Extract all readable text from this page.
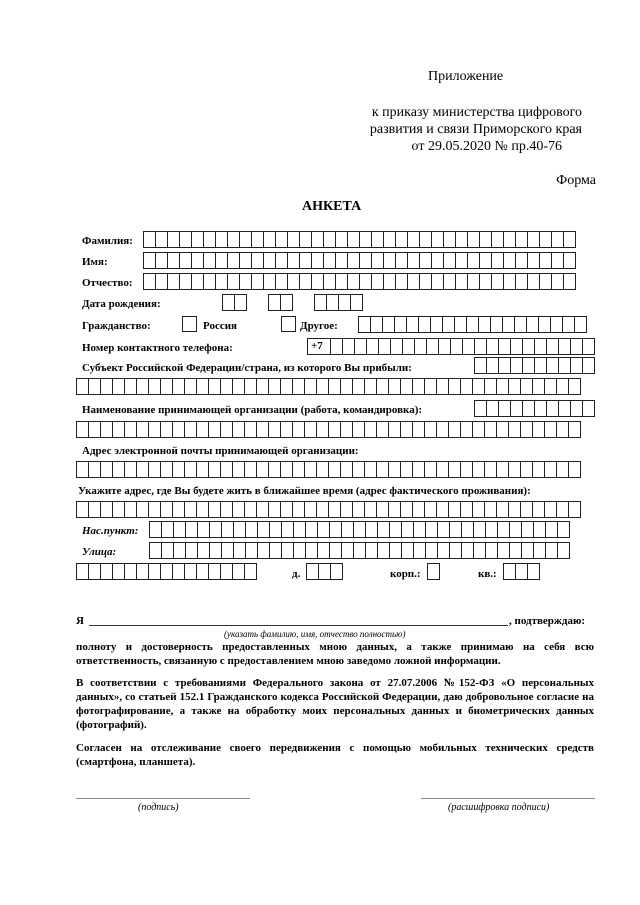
Приложение
к приказу министерства цифрового
развития и связи Приморского края
от 29.05.2020 № пр.40-76
Форма
АНКЕТА
Фамилия:
Имя:
Отчество:
Дата рождения:
Гражданство:	Россия	Другое:
Номер контактного телефона:	+7
Субъект Российской Федерации/страна, из которого Вы прибыли:
Наименование принимающей организации (работа, командировка):
Адрес электронной почты принимающей организации:
Укажите адрес, где Вы будете жить в ближайшее время (адрес фактического проживания):
Нас.пункт:
Улица:
д.	корп.:	кв.:
Я	, подтверждаю:
(указать фамилию, имя, отчество полностью)
полноту и достоверность предоставленных мною данных, а также принимаю на себя всю ответственность, связанную с предоставлением мною заведомо ложной информации.
В соответствии с требованиями Федерального закона от 27.07.2006 №152-ФЗ «О персональных данных», со статьей 152.1 Гражданского кодекса Российской Федерации, даю добровольное согласие на фотографирование, а также на обработку моих персональных данных и биометрических данных (фотографий).
Согласен на отслеживание своего передвижения с помощью мобильных технических средств (смартфона, планшета).
(подпись)	(расшифровка подписи)
